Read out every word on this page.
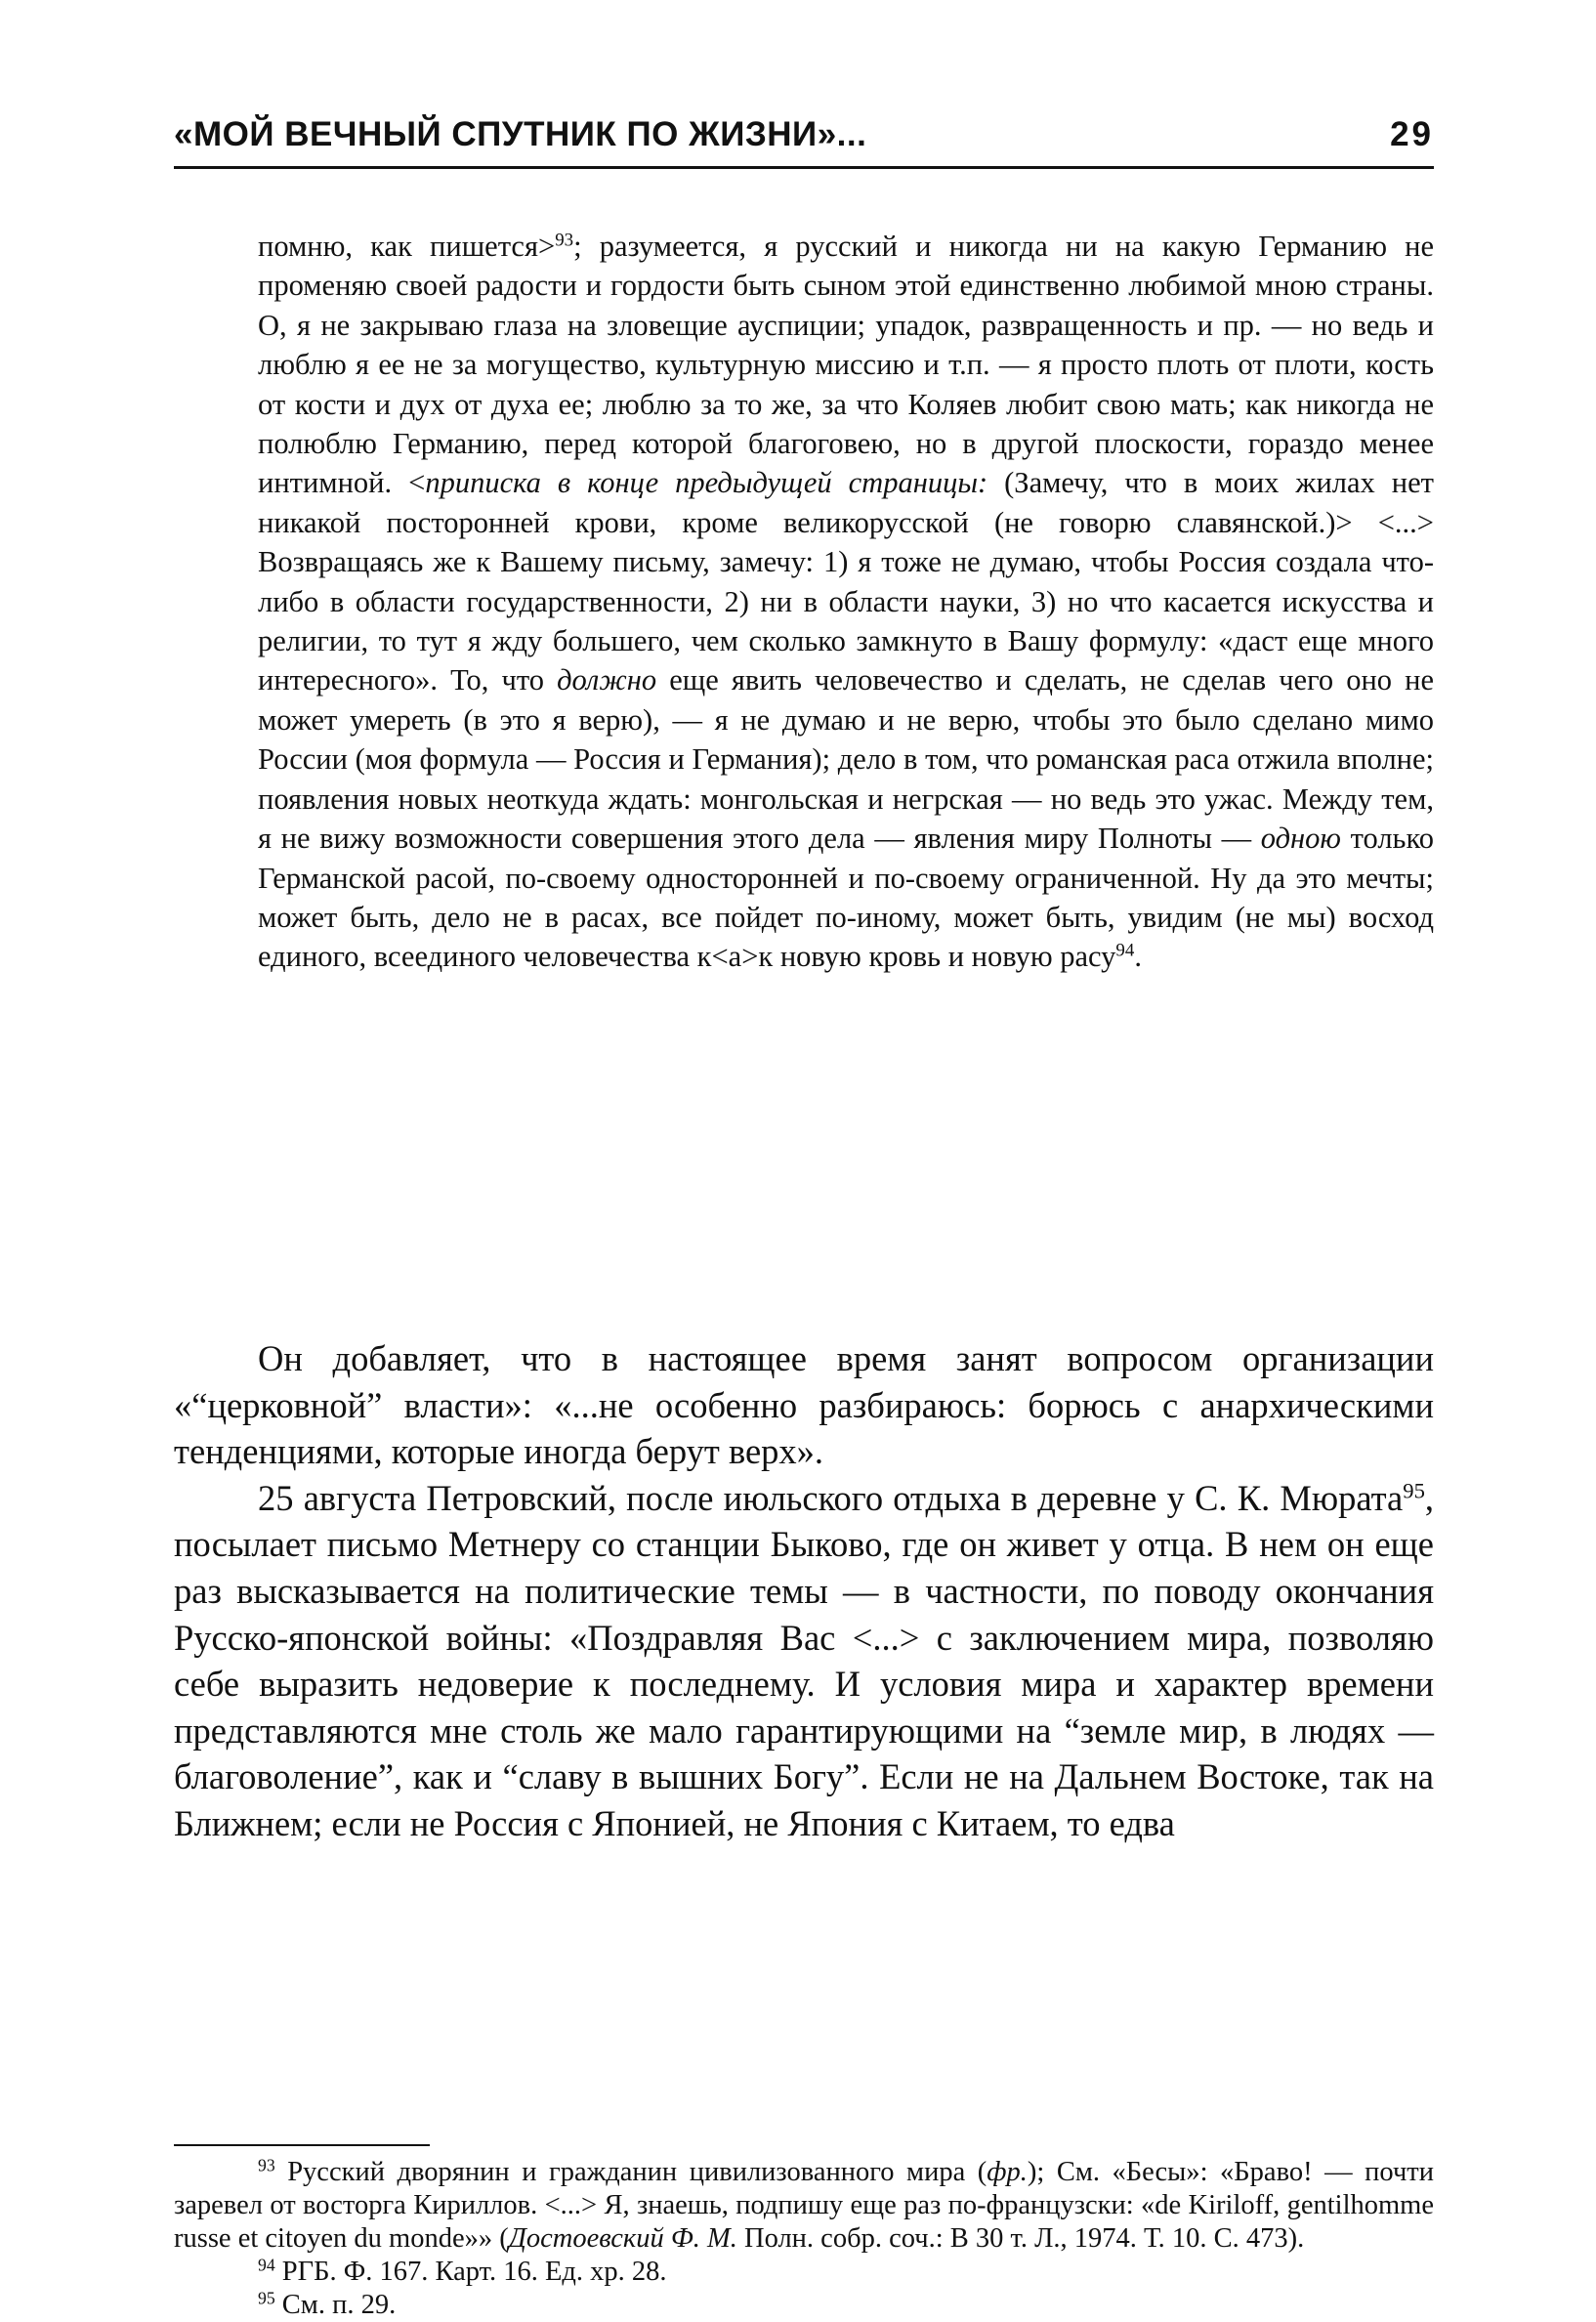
«МОЙ ВЕЧНЫЙ СПУТНИК ПО ЖИЗНИ»...	29

помню, как пишется>$^{93}$; разумеется, я русский и никогда ни на какую Германию не променяю своей радости и гордости быть сыном этой единственно любимой мною страны. О, я не закрываю глаза на зловещие ауспиции; упадок, развращенность и пр. — но ведь и люблю я ее не за могущество, культурную миссию и т.п. — я просто плоть от плоти, кость от кости и дух от духа ее; люблю за то же, за что Коляев любит свою мать; как никогда не полюблю Германию, перед которой благоговею, но в другой плоскости, гораздо менее интимной. <приписка в конце предыдущей страницы: (Замечу, что в моих жилах нет никакой посторонней крови, кроме великорусской (не говорю славянской.)> <...> Возвращаясь же к Вашему письму, замечу: 1) я тоже не думаю, чтобы Россия создала что-либо в области государственности, 2) ни в области науки, 3) но что касается искусства и религии, то тут я жду большего, чем сколько замкнуто в Вашу формулу: «даст еще много интересного». То, что должно еще явить человечество и сделать, не сделав чего оно не может умереть (в это я верю), — я не думаю и не верю, чтобы это было сделано мимо России (моя формула — Россия и Германия); дело в том, что романская раса отжила вполне; появления новых неоткуда ждать: монгольская и негрская — но ведь это ужас. Между тем, я не вижу возможности совершения этого дела — явления миру Полноты — одною только Германской расой, по-своему односторонней и по-своему ограниченной. Ну да это мечты; может быть, дело не в расах, все пойдет по-иному, может быть, увидим (не мы) восход единого, всеединого человечества к<а>к новую кровь и новую расу$^{94}$.

Он добавляет, что в настоящее время занят вопросом организации «“церковной” власти»: «...не особенно разбираюсь: борюсь с анархическими тенденциями, которые иногда берут верх».

25 августа Петровский, после июльского отдыха в деревне у С. К. Мюрата$^{95}$, посылает письмо Метнеру со станции Быково, где он живет у отца. В нем он еще раз высказывается на политические темы — в частности, по поводу окончания Русско-японской войны: «Поздравляя Вас <...> с заключением мира, позволяю себе выразить недоверие к последнему. И условия мира и характер времени представляются мне столь же мало гарантирующими на “земле мир, в людях — благоволение”, как и “славу в вышних Богу”. Если не на Дальнем Востоке, так на Ближнем; если не Россия с Японией, не Япония с Китаем, то едва

$^{93}$ Русский дворянин и гражданин цивилизованного мира (фр.); См. «Бесы»: «Браво! — почти заревел от восторга Кириллов. <...> Я, знаешь, подпишу еще раз по-французски: «de Kiriloff, gentilhomme russe et citoyen du monde»» (Достоевский Ф. М. Полн. собр. соч.: В 30 т. Л., 1974. Т. 10. С. 473).

$^{94}$ РГБ. Ф. 167. Карт. 16. Ед. хр. 28.

$^{95}$ См. п. 29.
